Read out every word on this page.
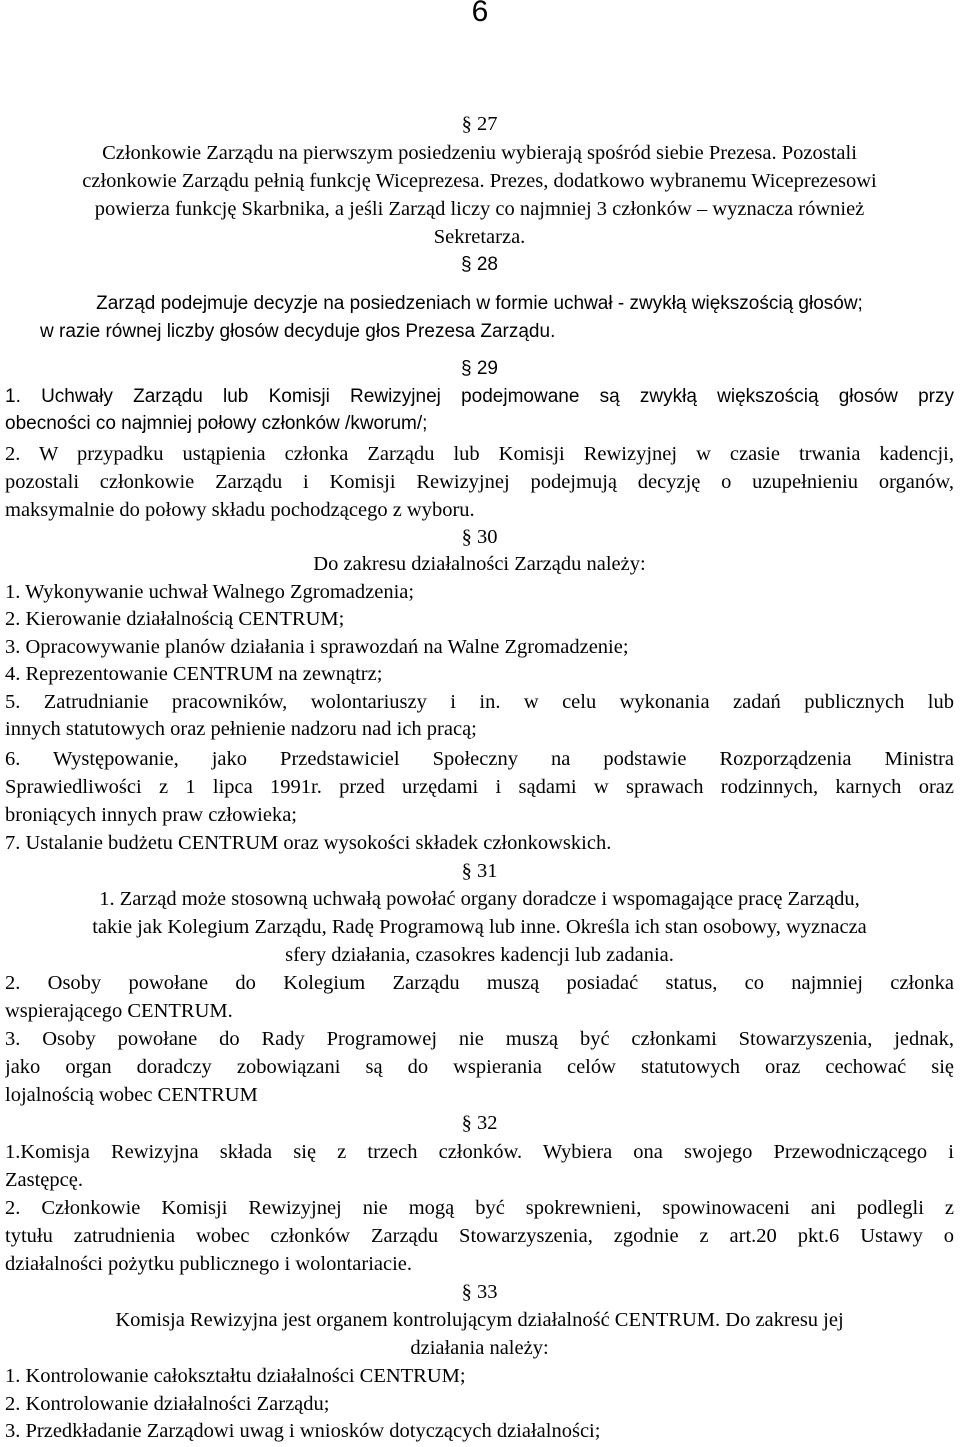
6
§ 27
Członkowie Zarządu na pierwszym posiedzeniu wybierają spośród siebie Prezesa. Pozostali
członkowie Zarządu pełnią funkcję Wiceprezesa. Prezes, dodatkowo wybranemu Wiceprezesowi
powierza funkcję Skarbnika, a jeśli Zarząd liczy co najmniej 3 członków – wyznacza również
Sekretarza.
§ 28
Zarząd podejmuje decyzje na posiedzeniach w formie uchwał - zwykłą większością głosów;
w razie równej liczby głosów decyduje głos Prezesa Zarządu.
§ 29
1. Uchwały Zarządu lub Komisji Rewizyjnej podejmowane są zwykłą większością głosów przy
obecności co najmniej połowy członków /kworum/;
2. W przypadku ustąpienia członka Zarządu lub Komisji Rewizyjnej w czasie trwania kadencji,
pozostali członkowie Zarządu i Komisji Rewizyjnej podejmują decyzję o uzupełnieniu organów,
maksymalnie do połowy składu pochodzącego z wyboru.
§ 30
Do zakresu działalności Zarządu należy:
1. Wykonywanie uchwał Walnego Zgromadzenia;
2. Kierowanie działalnością CENTRUM;
3. Opracowywanie planów działania i sprawozdań na Walne Zgromadzenie;
4. Reprezentowanie CENTRUM na zewnątrz;
5. Zatrudnianie pracowników, wolontariuszy i in. w celu wykonania zadań publicznych lub
innych statutowych oraz pełnienie nadzoru nad ich pracą;
6. Występowanie, jako Przedstawiciel Społeczny na podstawie Rozporządzenia Ministra
Sprawiedliwości z 1 lipca 1991r. przed urzędami i sądami w sprawach rodzinnych, karnych oraz
broniących innych praw człowieka;
7. Ustalanie budżetu CENTRUM oraz wysokości składek członkowskich.
§ 31
1. Zarząd może stosowną uchwałą powołać organy doradcze i wspomagające pracę Zarządu,
takie jak Kolegium Zarządu, Radę Programową lub inne. Określa ich stan osobowy, wyznacza
sfery działania, czasokres kadencji lub zadania.
2. Osoby powołane do Kolegium Zarządu muszą posiadać status, co najmniej członka
wspierającego CENTRUM.
3. Osoby powołane do Rady Programowej nie muszą być członkami Stowarzyszenia, jednak,
jako organ doradczy zobowiązani są do wspierania celów statutowych oraz cechować się
lojalnością wobec CENTRUM
§ 32
1.Komisja Rewizyjna składa się z trzech członków. Wybiera ona swojego Przewodniczącego i
Zastępcę.
2. Członkowie Komisji Rewizyjnej nie mogą być spokrewnieni, spowinowaceni ani podlegli z
tytułu zatrudnienia wobec członków Zarządu Stowarzyszenia, zgodnie z art.20 pkt.6 Ustawy o
działalności pożytku publicznego i wolontariacie.
§ 33
Komisja Rewizyjna jest organem kontrolującym działalność CENTRUM. Do zakresu jej
działania należy:
1. Kontrolowanie całokształtu działalności CENTRUM;
2. Kontrolowanie działalności Zarządu;
3. Przedkładanie Zarządowi uwag i wniosków dotyczących działalności;
